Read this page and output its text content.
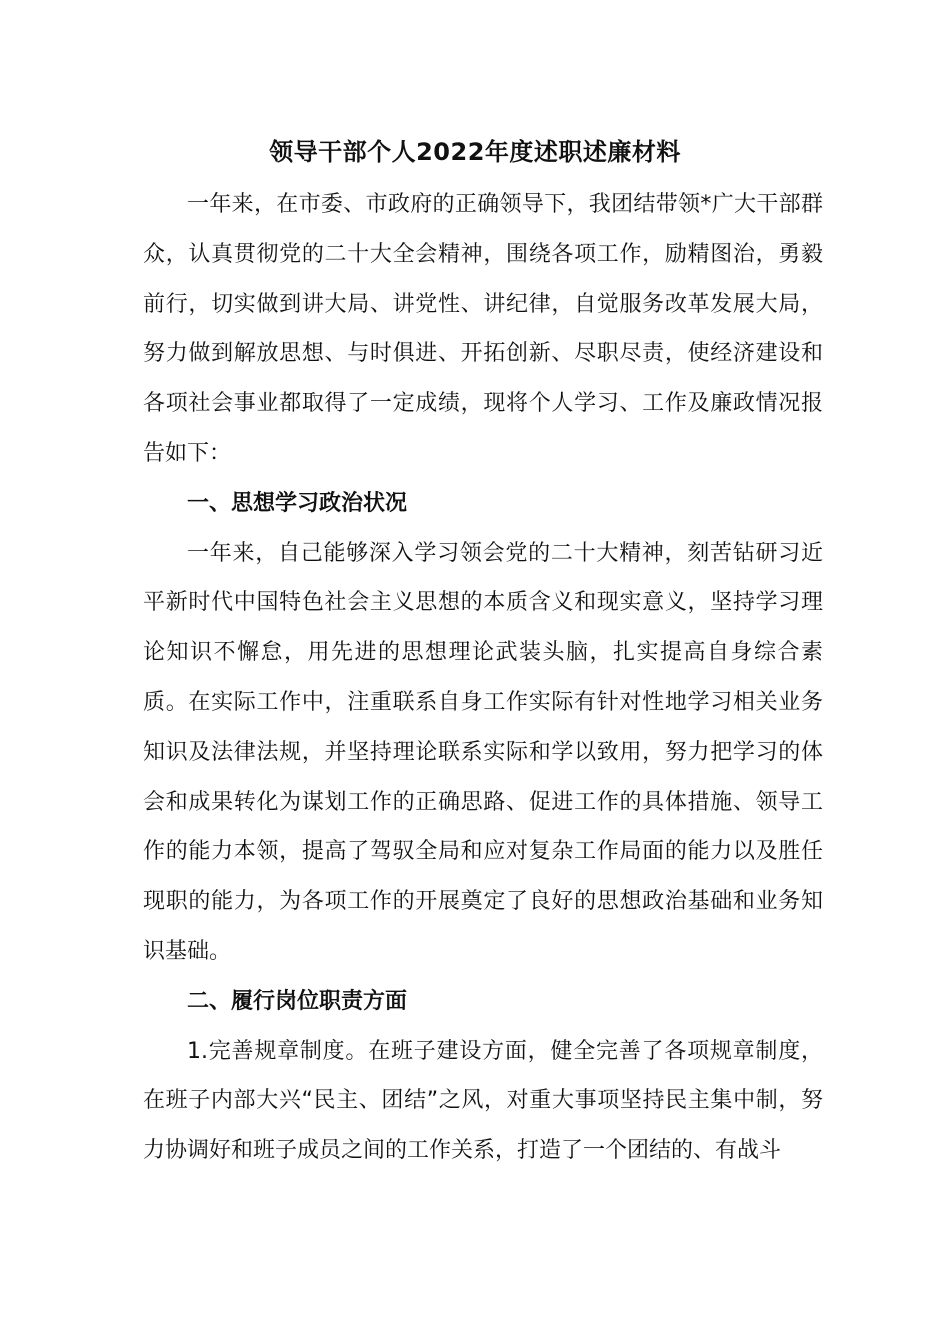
领导干部个人2022年度述职述廉材料

一年来，在市委、市政府的正确领导下，我团结带领*广大干部群众，认真贯彻党的二十大全会精神，围绕各项工作，励精图治，勇毅前行，切实做到讲大局、讲党性、讲纪律，自觉服务改革发展大局，努力做到解放思想、与时俱进、开拓创新、尽职尽责，使经济建设和各项社会事业都取得了一定成绩，现将个人学习、工作及廉政情况报告如下：

一、思想学习政治状况

一年来，自己能够深入学习领会党的二十大精神，刻苦钻研习近平新时代中国特色社会主义思想的本质含义和现实意义，坚持学习理论知识不懈怠，用先进的思想理论武装头脑，扎实提高自身综合素质。在实际工作中，注重联系自身工作实际有针对性地学习相关业务知识及法律法规，并坚持理论联系实际和学以致用，努力把学习的体会和成果转化为谋划工作的正确思路、促进工作的具体措施、领导工作的能力本领，提高了驾驭全局和应对复杂工作局面的能力以及胜任现职的能力，为各项工作的开展奠定了良好的思想政治基础和业务知识基础。

二、履行岗位职责方面

1.完善规章制度。在班子建设方面，健全完善了各项规章制度，在班子内部大兴“民主、团结”之风，对重大事项坚持民主集中制，努力协调好和班子成员之间的工作关系，打造了一个团结的、有战斗
